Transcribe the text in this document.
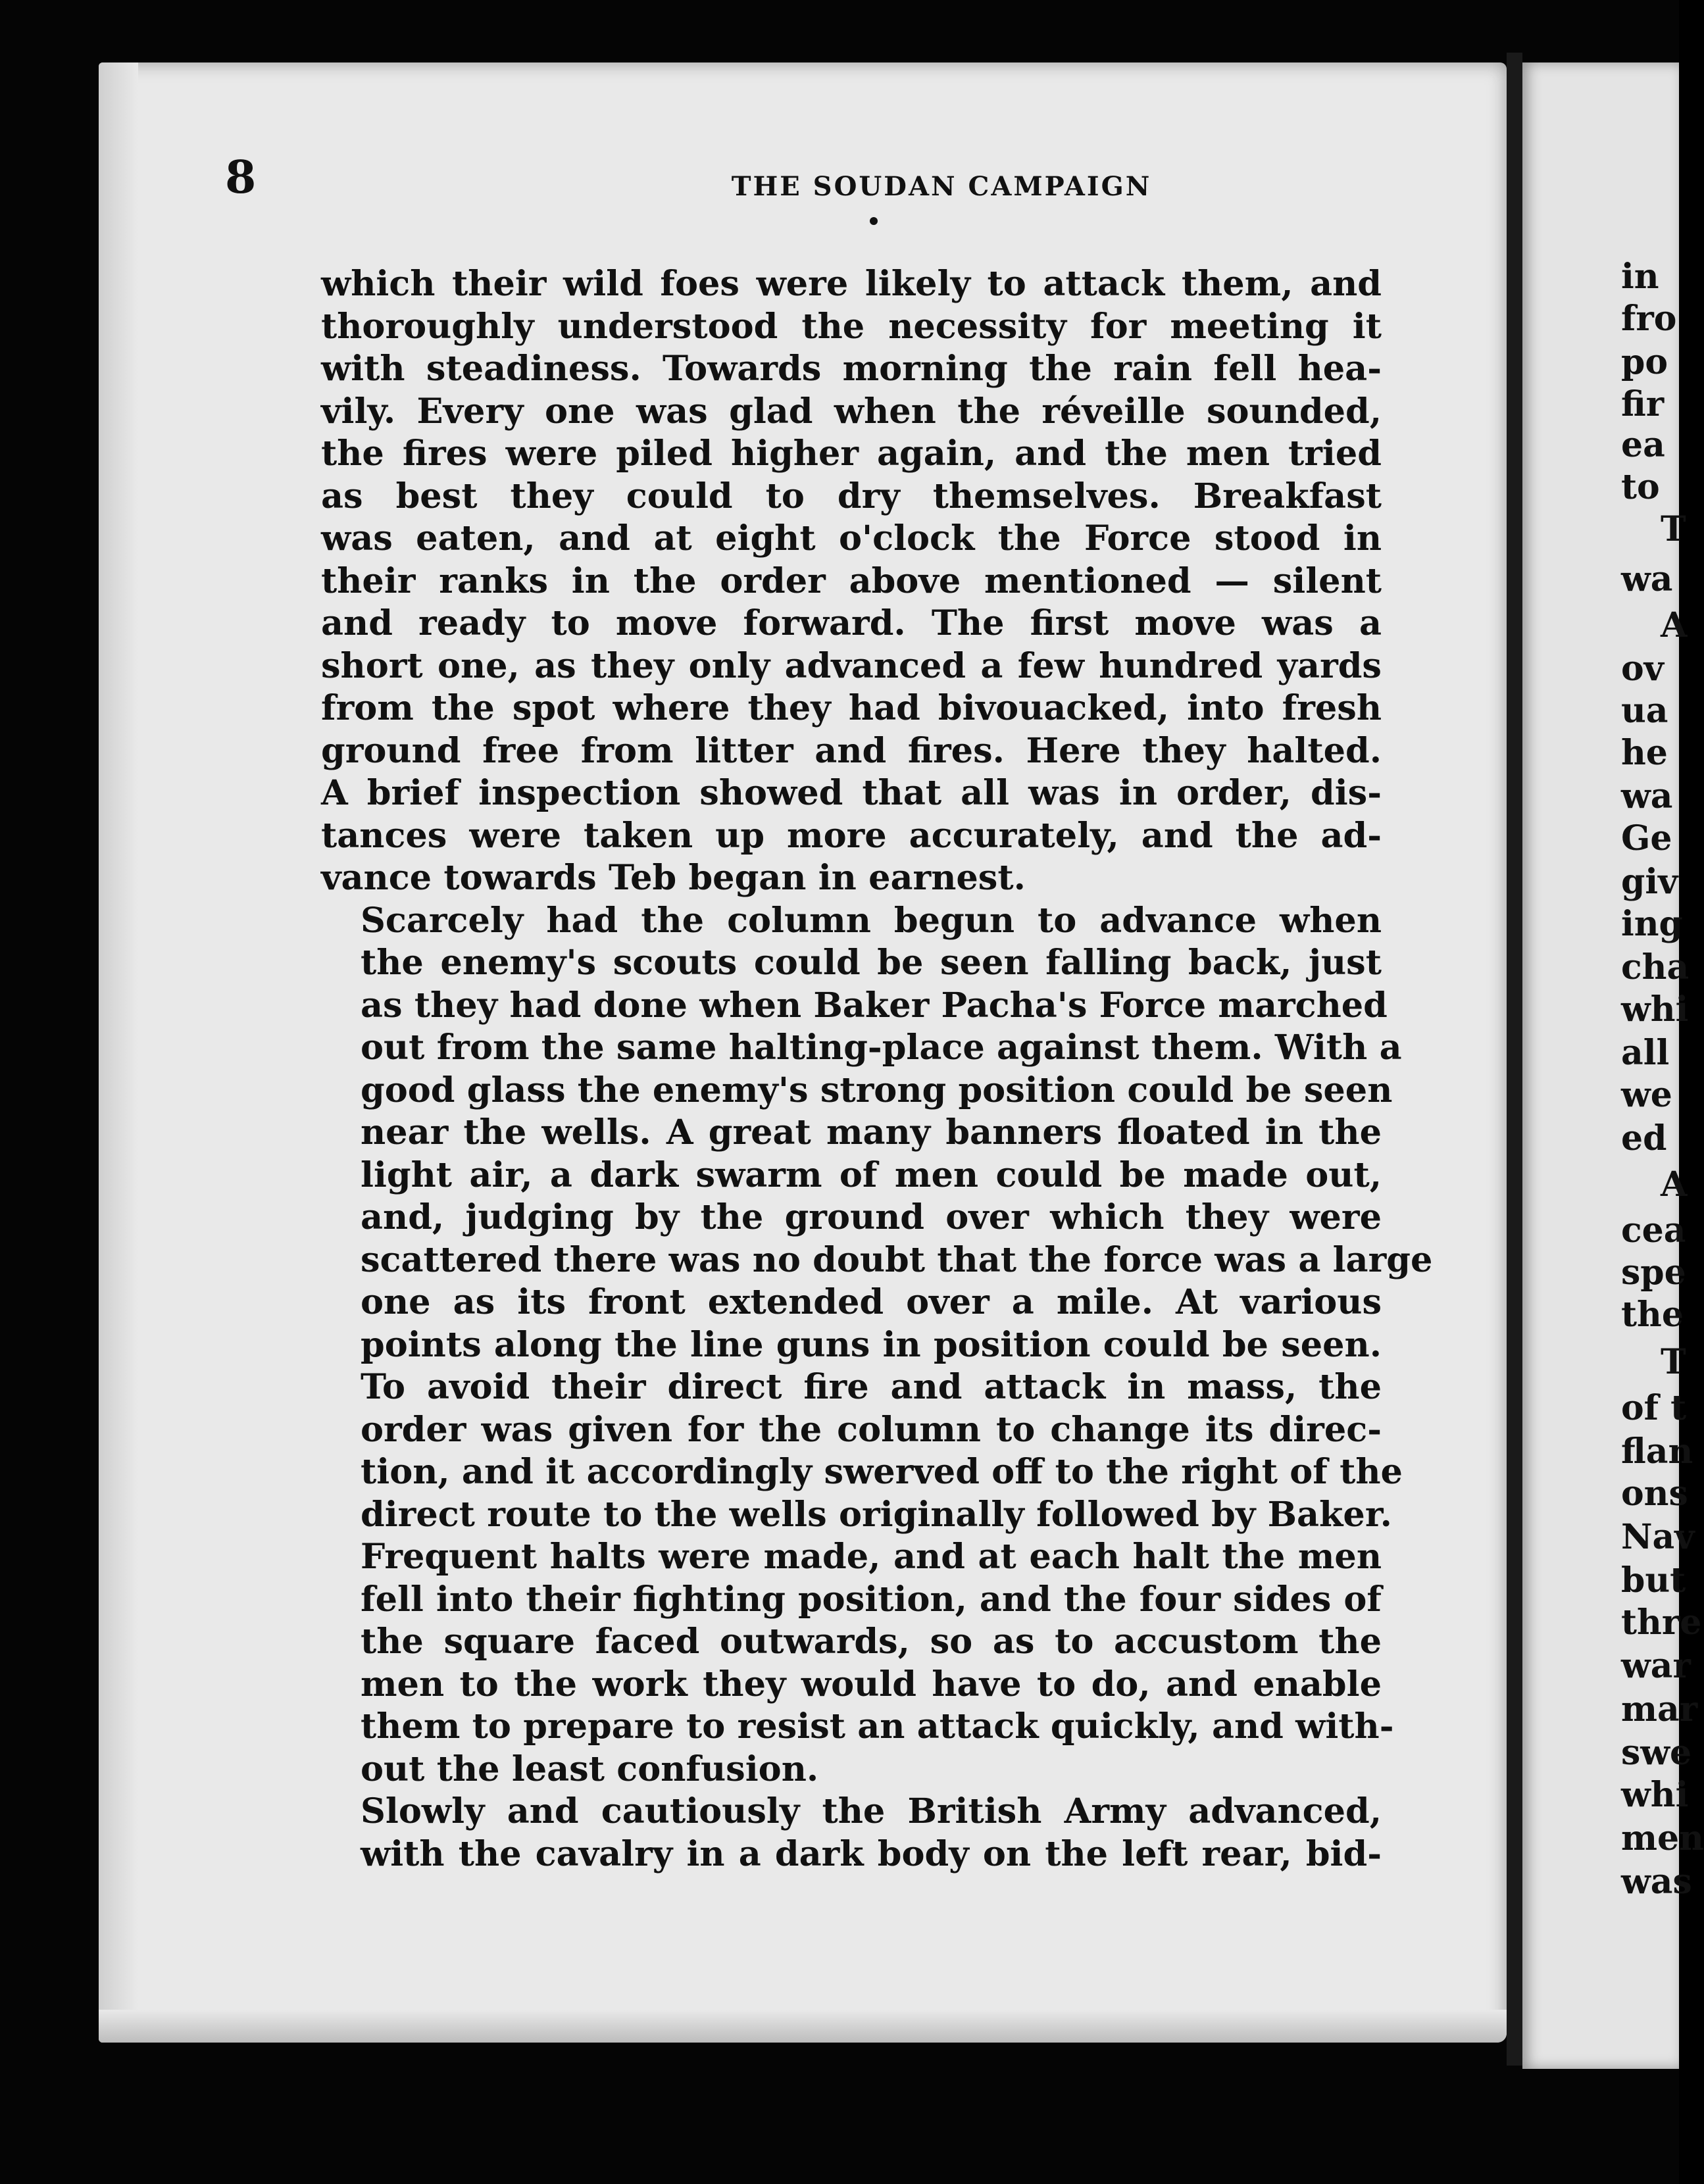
in
fro
po
fir
ea
to
T
wa
A
ov
ua
he
wa
Ge
giv
ing
cha
whi
all
we
ed
A
cea
spe
the
T
of t
flan
ons
Nav
but
thre
war
mar
swe
whi
men
was
8	THE SOUDAN CAMPAIGN

which their wild foes were likely to attack them, and
thoroughly understood the necessity for meeting it
with steadiness. Towards morning the rain fell hea-
vily. Every one was glad when the réveille sounded,
the fires were piled higher again, and the men tried
as best they could to dry themselves. Breakfast
was eaten, and at eight o'clock the Force stood in
their ranks in the order above mentioned — silent
and ready to move forward. The first move was a
short one, as they only advanced a few hundred yards
from the spot where they had bivouacked, into fresh
ground free from litter and fires. Here they halted.
A brief inspection showed that all was in order, dis-
tances were taken up more accurately, and the ad-
vance towards Teb began in earnest.

Scarcely had the column begun to advance when
the enemy's scouts could be seen falling back, just
as they had done when Baker Pacha's Force marched
out from the same halting-place against them. With a
good glass the enemy's strong position could be seen
near the wells. A great many banners floated in the
light air, a dark swarm of men could be made out,
and, judging by the ground over which they were
scattered there was no doubt that the force was a large
one as its front extended over a mile. At various
points along the line guns in position could be seen.
To avoid their direct fire and attack in mass, the
order was given for the column to change its direc-
tion, and it accordingly swerved off to the right of the
direct route to the wells originally followed by Baker.
Frequent halts were made, and at each halt the men
fell into their fighting position, and the four sides of
the square faced outwards, so as to accustom the
men to the work they would have to do, and enable
them to prepare to resist an attack quickly, and with-
out the least confusion.

Slowly and cautiously the British Army advanced,
with the cavalry in a dark body on the left rear, bid-
